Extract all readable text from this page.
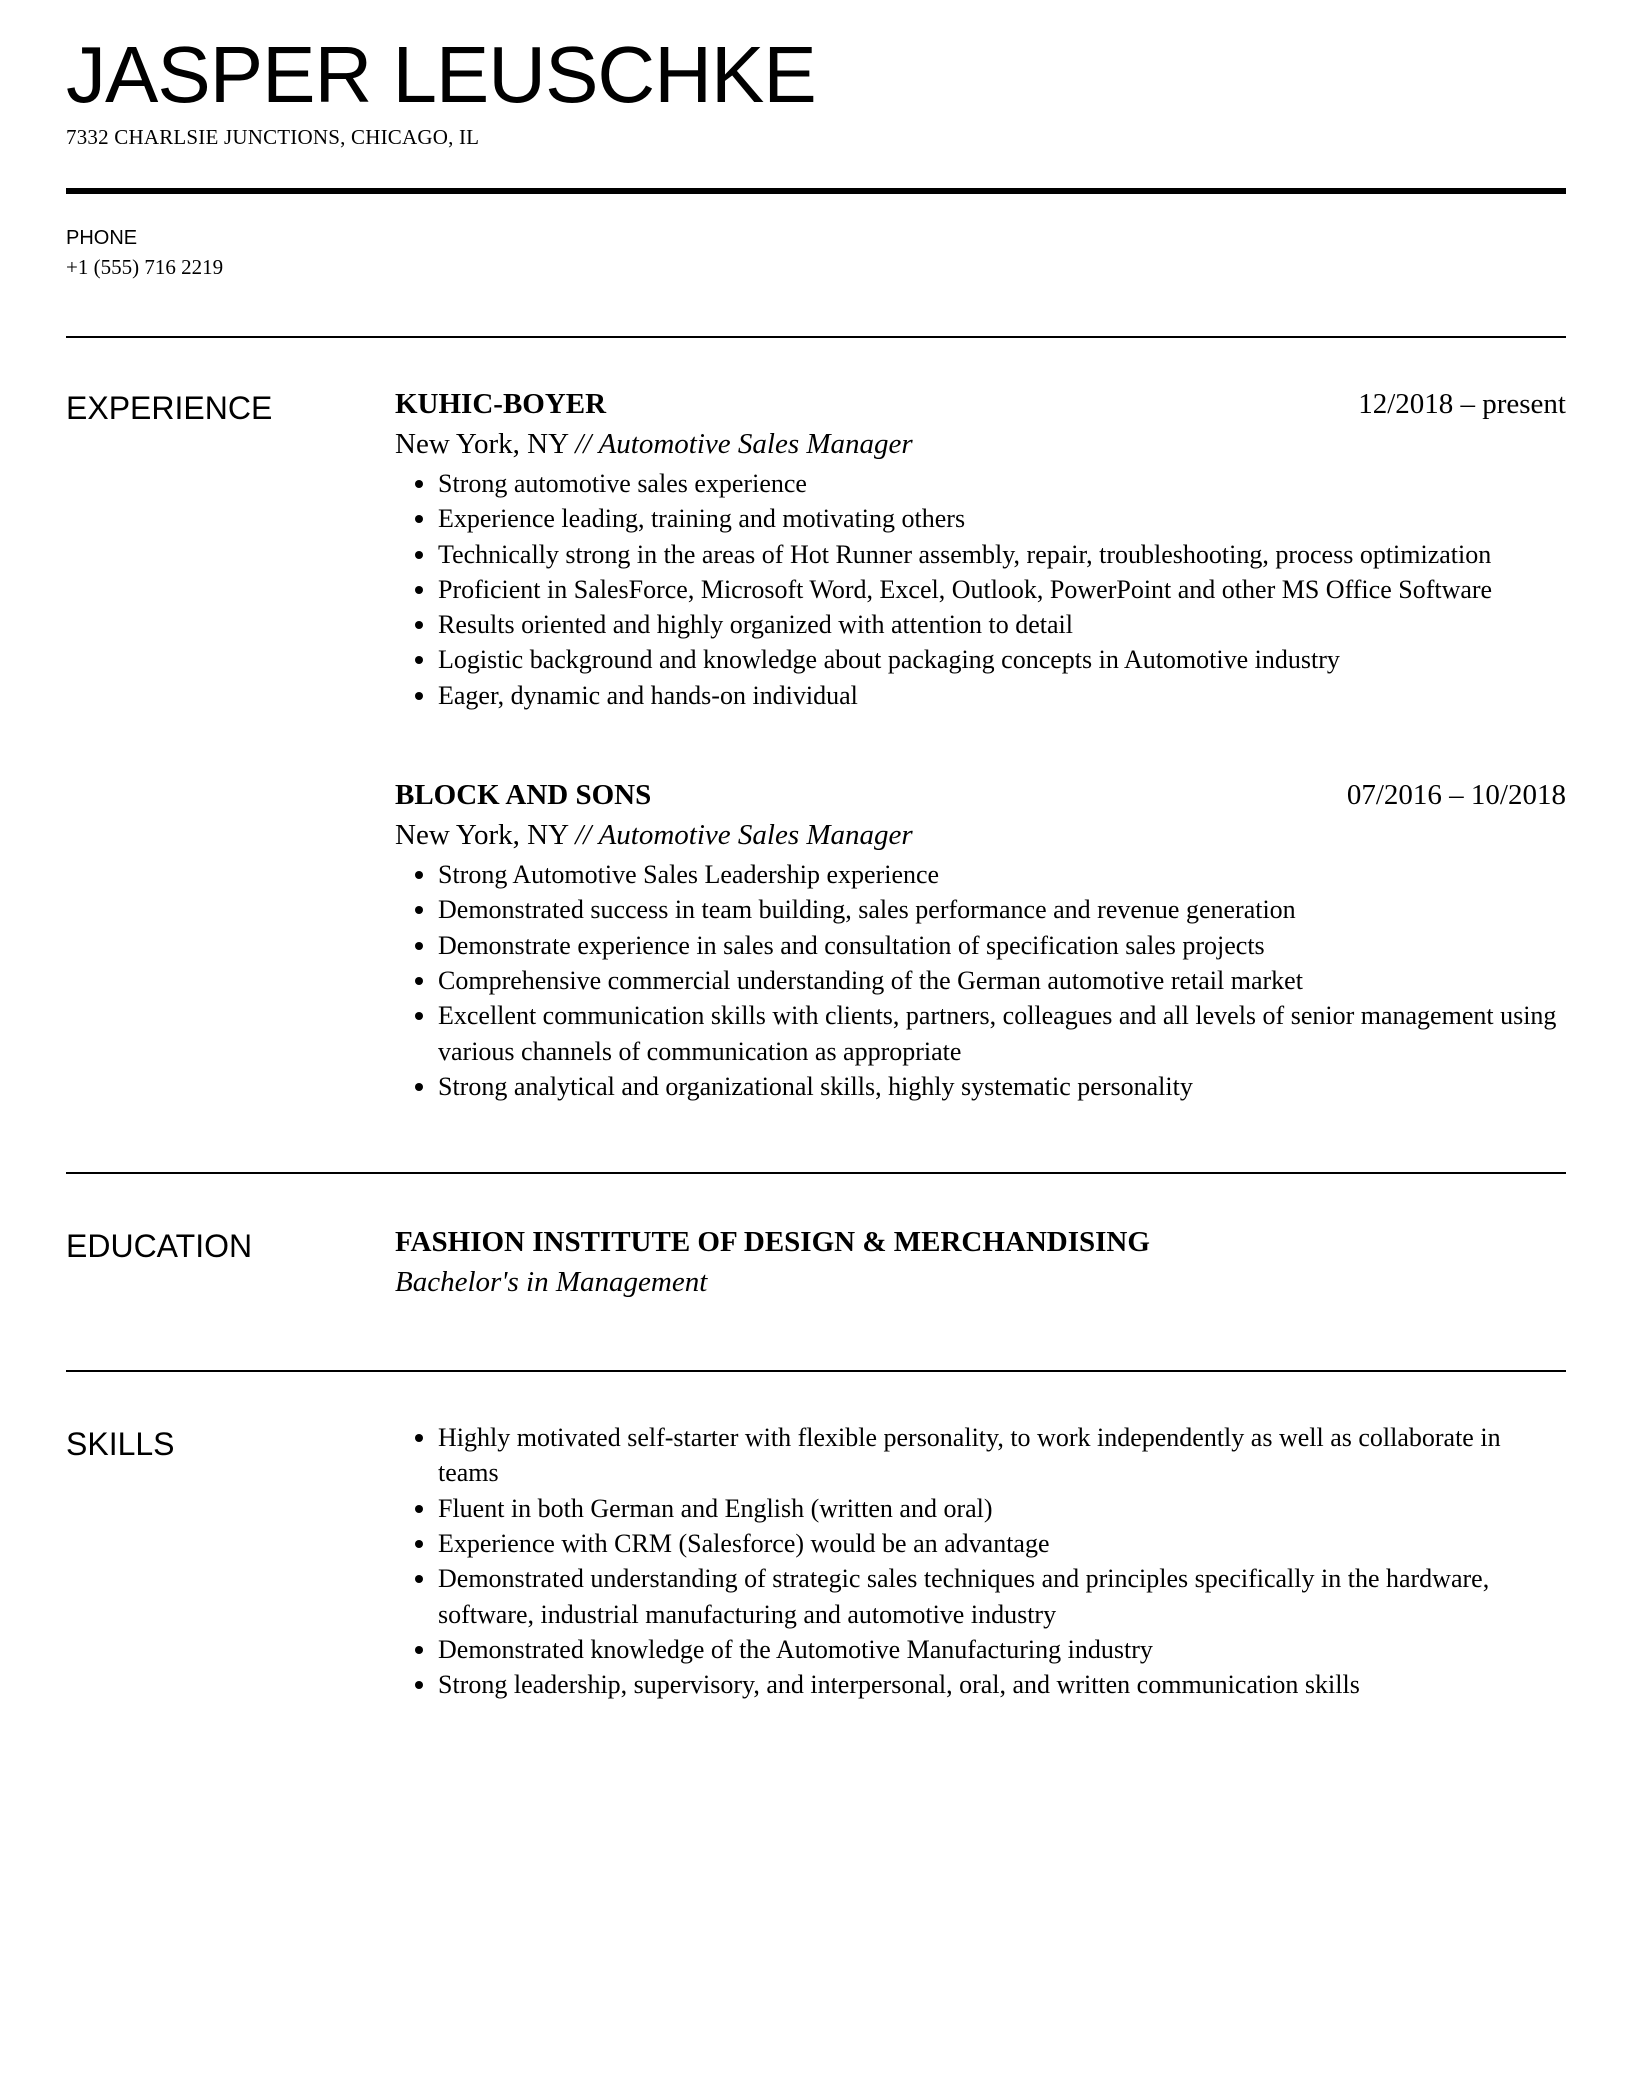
JASPER LEUSCHKE
7332 CHARLSIE JUNCTIONS, CHICAGO, IL
PHONE
+1 (555) 716 2219
EXPERIENCE	KUHIC-BOYER	12/2018 – present
New York, NY // Automotive Sales Manager
Strong automotive sales experience
Experience leading, training and motivating others
Technically strong in the areas of Hot Runner assembly, repair, troubleshooting, process optimization
Proficient in SalesForce, Microsoft Word, Excel, Outlook, PowerPoint and other MS Office Software
Results oriented and highly organized with attention to detail
Logistic background and knowledge about packaging concepts in Automotive industry
Eager, dynamic and hands-on individual
BLOCK AND SONS	07/2016 – 10/2018
New York, NY // Automotive Sales Manager
Strong Automotive Sales Leadership experience
Demonstrated success in team building, sales performance and revenue generation
Demonstrate experience in sales and consultation of specification sales projects
Comprehensive commercial understanding of the German automotive retail market
Excellent communication skills with clients, partners, colleagues and all levels of senior management using various channels of communication as appropriate
Strong analytical and organizational skills, highly systematic personality
EDUCATION	FASHION INSTITUTE OF DESIGN & MERCHANDISING
Bachelor's in Management
SKILLS	Highly motivated self-starter with flexible personality, to work independently as well as collaborate in teams
Fluent in both German and English (written and oral)
Experience with CRM (Salesforce) would be an advantage
Demonstrated understanding of strategic sales techniques and principles specifically in the hardware, software, industrial manufacturing and automotive industry
Demonstrated knowledge of the Automotive Manufacturing industry
Strong leadership, supervisory, and interpersonal, oral, and written communication skills
